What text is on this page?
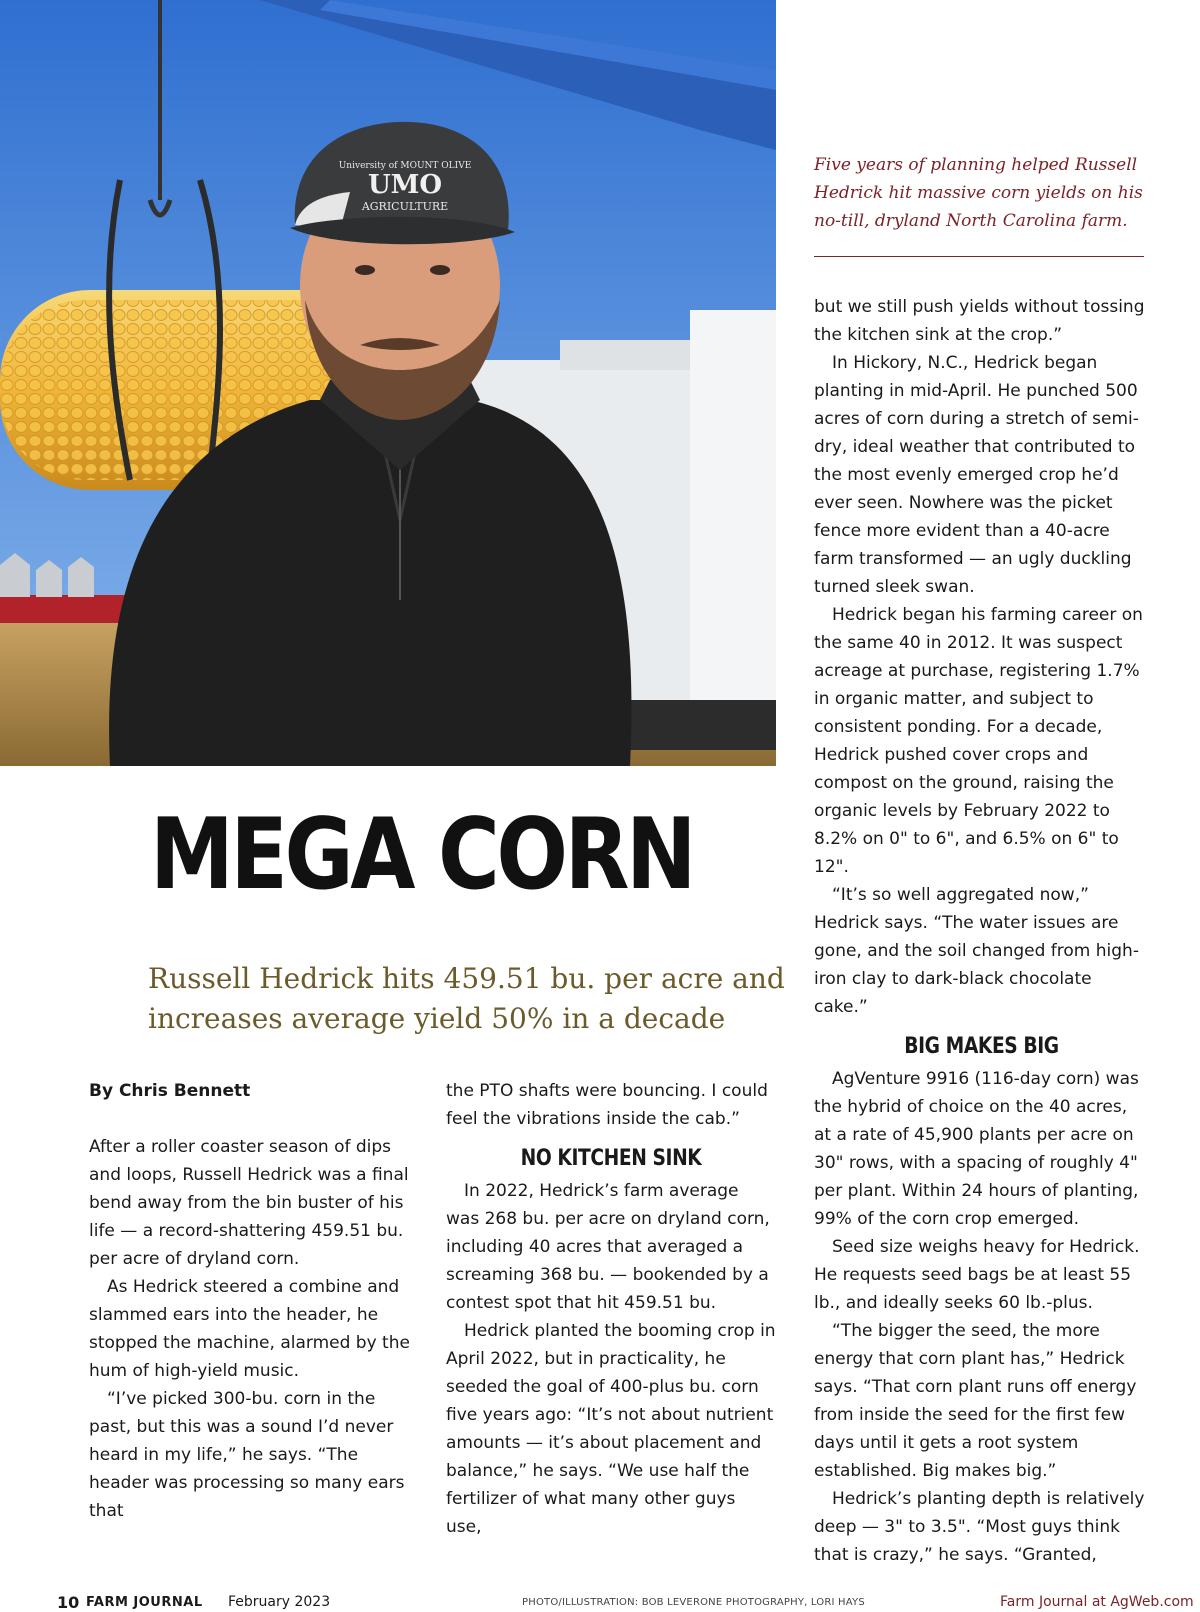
University of MOUNT OLIVE
UMO
AGRICULTURE
Five years of planning helped Russell Hedrick hit massive corn yields on his no-till, dryland North Carolina farm.
MEGA CORN
Russell Hedrick hits 459.51 bu. per acre and increases average yield 50% in a decade

By Chris Bennett

After a roller coaster season of dips and loops, Russell Hedrick was a final bend away from the bin buster of his life — a record-shattering 459.51 bu. per acre of dryland corn.

As Hedrick steered a combine and slammed ears into the header, he stopped the machine, alarmed by the hum of high-yield music.

“I’ve picked 300-bu. corn in the past, but this was a sound I’d never heard in my life,” he says. “The header was processing so many ears that

the PTO shafts were bouncing. I could feel the vibrations inside the cab.”

NO KITCHEN SINK

In 2022, Hedrick’s farm average was 268 bu. per acre on dryland corn, including 40 acres that averaged a screaming 368 bu. — bookended by a contest spot that hit 459.51 bu.

Hedrick planted the booming crop in April 2022, but in practicality, he seeded the goal of 400-plus bu. corn five years ago: “It’s not about nutrient amounts — it’s about placement and balance,” he says. “We use half the fertilizer of what many other guys use,

but we still push yields without tossing the kitchen sink at the crop.”

In Hickory, N.C., Hedrick began planting in mid-April. He punched 500 acres of corn during a stretch of semi-dry, ideal weather that contributed to the most evenly emerged crop he’d ever seen. Nowhere was the picket fence more evident than a 40-acre farm transformed — an ugly duckling turned sleek swan.

Hedrick began his farming career on the same 40 in 2012. It was suspect acreage at purchase, registering 1.7% in organic matter, and subject to consistent ponding. For a decade, Hedrick pushed cover crops and compost on the ground, raising the organic levels by February 2022 to 8.2% on 0" to 6", and 6.5% on 6" to 12".

“It’s so well aggregated now,” Hedrick says. “The water issues are gone, and the soil changed from high-iron clay to dark-black chocolate cake.”

BIG MAKES BIG

AgVenture 9916 (116-day corn) was the hybrid of choice on the 40 acres, at a rate of 45,900 plants per acre on 30" rows, with a spacing of roughly 4" per plant. Within 24 hours of planting, 99% of the corn crop emerged.

Seed size weighs heavy for Hedrick. He requests seed bags be at least 55 lb., and ideally seeks 60 lb.-plus.

“The bigger the seed, the more energy that corn plant has,” Hedrick says. “That corn plant runs off energy from inside the seed for the first few days until it gets a root system established. Big makes big.”

Hedrick’s planting depth is relatively deep — 3" to 3.5". “Most guys think that is crazy,” he says. “Granted,

10 FARM JOURNAL February 2023	PHOTO/ILLUSTRATION: BOB LEVERONE PHOTOGRAPHY, LORI HAYS	Farm Journal at AgWeb.com
